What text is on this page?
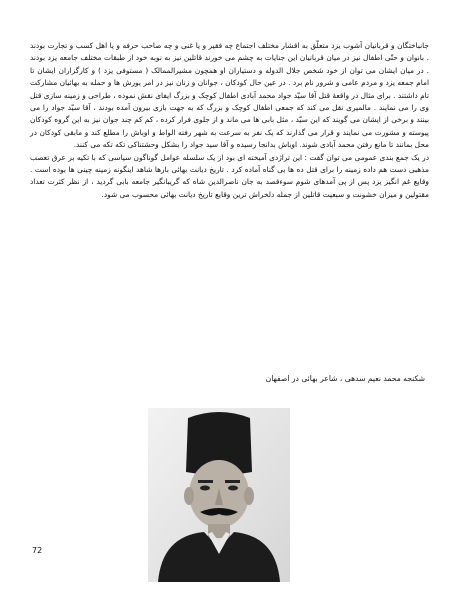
جانباختگان و قربانیان آشوب یزد متعلّق به اقشار مختلف اجتماع چه فقیر و یا غنی و چه صاحب حرفه و یا اهل کسب و تجارت بودند . بانوان و حتّی اطفال نیز در میان قربانیان این جنایات به چشم می خورند قاتلین نیز به نوبه خود از طبقات مختلف جامعه یزد بودند . در میان ایشان می توان از خود شخص جلال الدوله و دستیاران او همچون مشیرالممالک ( مستوفی یزد ) و کارگزاران ایشان تا امام جمعه یزد و مردم عامی و شرور نام برد . در عین حال کودکان ، جوانان و زنان نیز در امر یورش ها و حمله به بهائیان مشارکت تام داشتند . برای مثال در واقعهٔ قتل آقا سیّد جواد محمد آبادی اطفال کوچک و بزرگ ایفای نقش نموده ، طراحی و زمینه سازی قتل وی را می نمایند . مالمیری نقل می کند که جمعی اطفال کوچک و بزرگ که به جهت بازی بیرون آمده بودند ، آقا سیّد جواد را می بینند و برخی از ایشان می گویند که این سیّد ، مثل بابی ها می ماند و از جلوی فرار کرده ، کم کم چند جوان نیز به این گروه کودکان پیوسته و مشورت می نمایند و قرار می گذارند که یک نفر به سرعت به شهر رفته الواط و اوباش را مطلع کند و مابقی کودکان در محل بمانند تا مانع رفتن محمد آبادی شوند. اوباش بدانجا رسیده و آقا سید جواد را بشکل وحشتناکی تکه تکه می کنند.

در یک جمع بندی عمومی می توان گفت : این تراژدی آمیخته ای بود از یک سلسله عوامل گوناگون سیاسی که با تکیه بر عرق تعصب مذهبی دست هم داده زمینه را برای قتل ده ها بی گناه آماده کرد . تاریخ دیانت بهائی بارها شاهد اینگونه زمینه چینی ها بوده است . وقایع غم انگیز یزد پس از پی آمدهای شوم سوءقصد به جان ناصرالدین شاه که گریبانگیر جامعه بابی گردید ، از نظر کثرت تعداد مقتولین و میزان خشونت و سبعیت قاتلین از جمله دلخراش ترین وقایع تاریخ دیانت بهائی محسوب می شود.

شکنجه محمد نعیم سدهی ، شاعر بهائی در اصفهان
72
